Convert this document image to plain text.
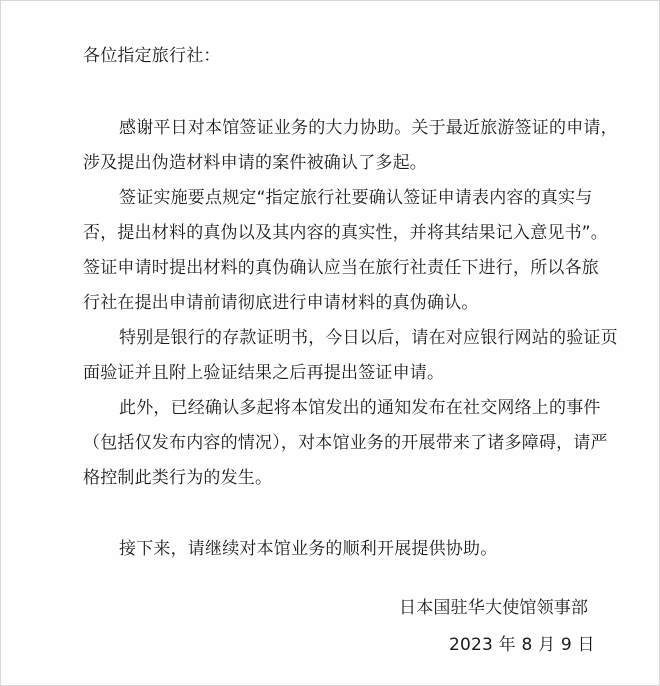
各位指定旅行社：
感谢平日对本馆签证业务的大力协助。关于最近旅游签证的申请，
涉及提出伪造材料申请的案件被确认了多起。
签证实施要点规定“指定旅行社要确认签证申请表内容的真实与
否，提出材料的真伪以及其内容的真实性，并将其结果记入意见书”。
签证申请时提出材料的真伪确认应当在旅行社责任下进行，所以各旅
行社在提出申请前请彻底进行申请材料的真伪确认。
特别是银行的存款证明书，今日以后，请在对应银行网站的验证页
面验证并且附上验证结果之后再提出签证申请。
此外，已经确认多起将本馆发出的通知发布在社交网络上的事件
（包括仅发布内容的情况），对本馆业务的开展带来了诸多障碍，请严
格控制此类行为的发生。
接下来，请继续对本馆业务的顺利开展提供协助。
日本国驻华大使馆领事部
2023 年 8 月 9 日
